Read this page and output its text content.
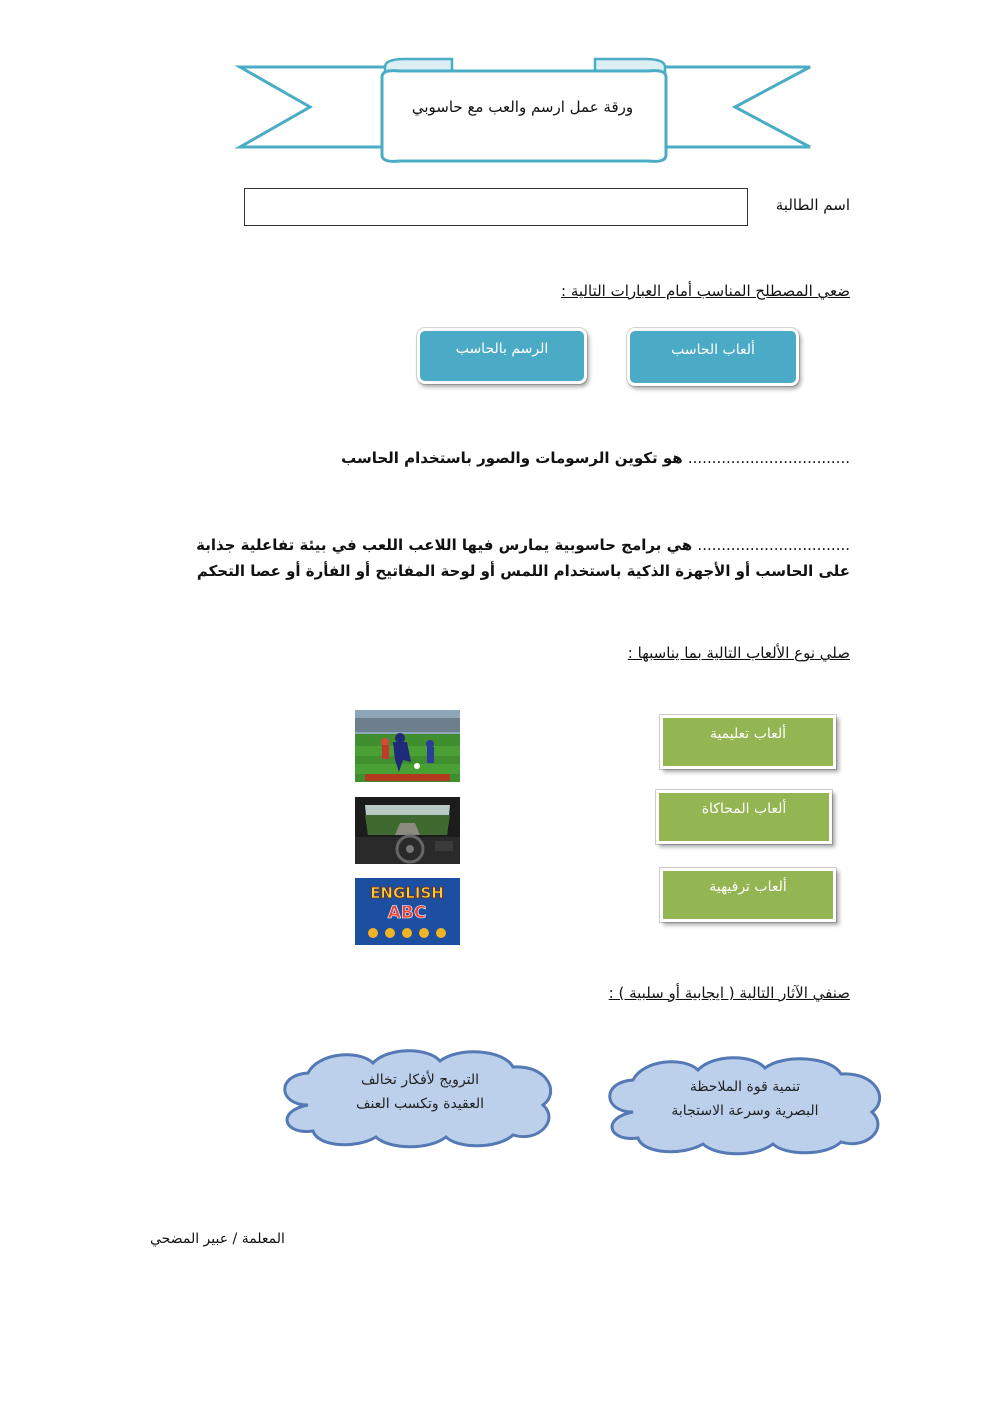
ورقة عمل ارسم والعب مع حاسوبي
اسم الطالبة
ضعي المصطلح المناسب أمام العبارات التالية :
ألعاب الحاسب
الرسم بالحاسب
.................................. هو تكوين الرسومات والصور باستخدام الحاسب
................................ هي برامج حاسوبية يمارس فيها اللاعب اللعب في بيئة تفاعلية جذابة على الحاسب أو الأجهزة الذكية باستخدام اللمس أو لوحة المفاتيح أو الفأرة أو عصا التحكم
صلي نوع الألعاب التالية بما يناسبها :
ألعاب تعليمية
ألعاب المحاكاة
ألعاب ترفيهية
ENGLISH
ABC
صنفي الآثار التالية ( ايجابية أو سلبية ) :
الترويج لأفكار تخالف
العقيدة وتكسب العنف
تنمية قوة الملاحظة
البصرية وسرعة الاستجابة
المعلمة / عبير المضحي
